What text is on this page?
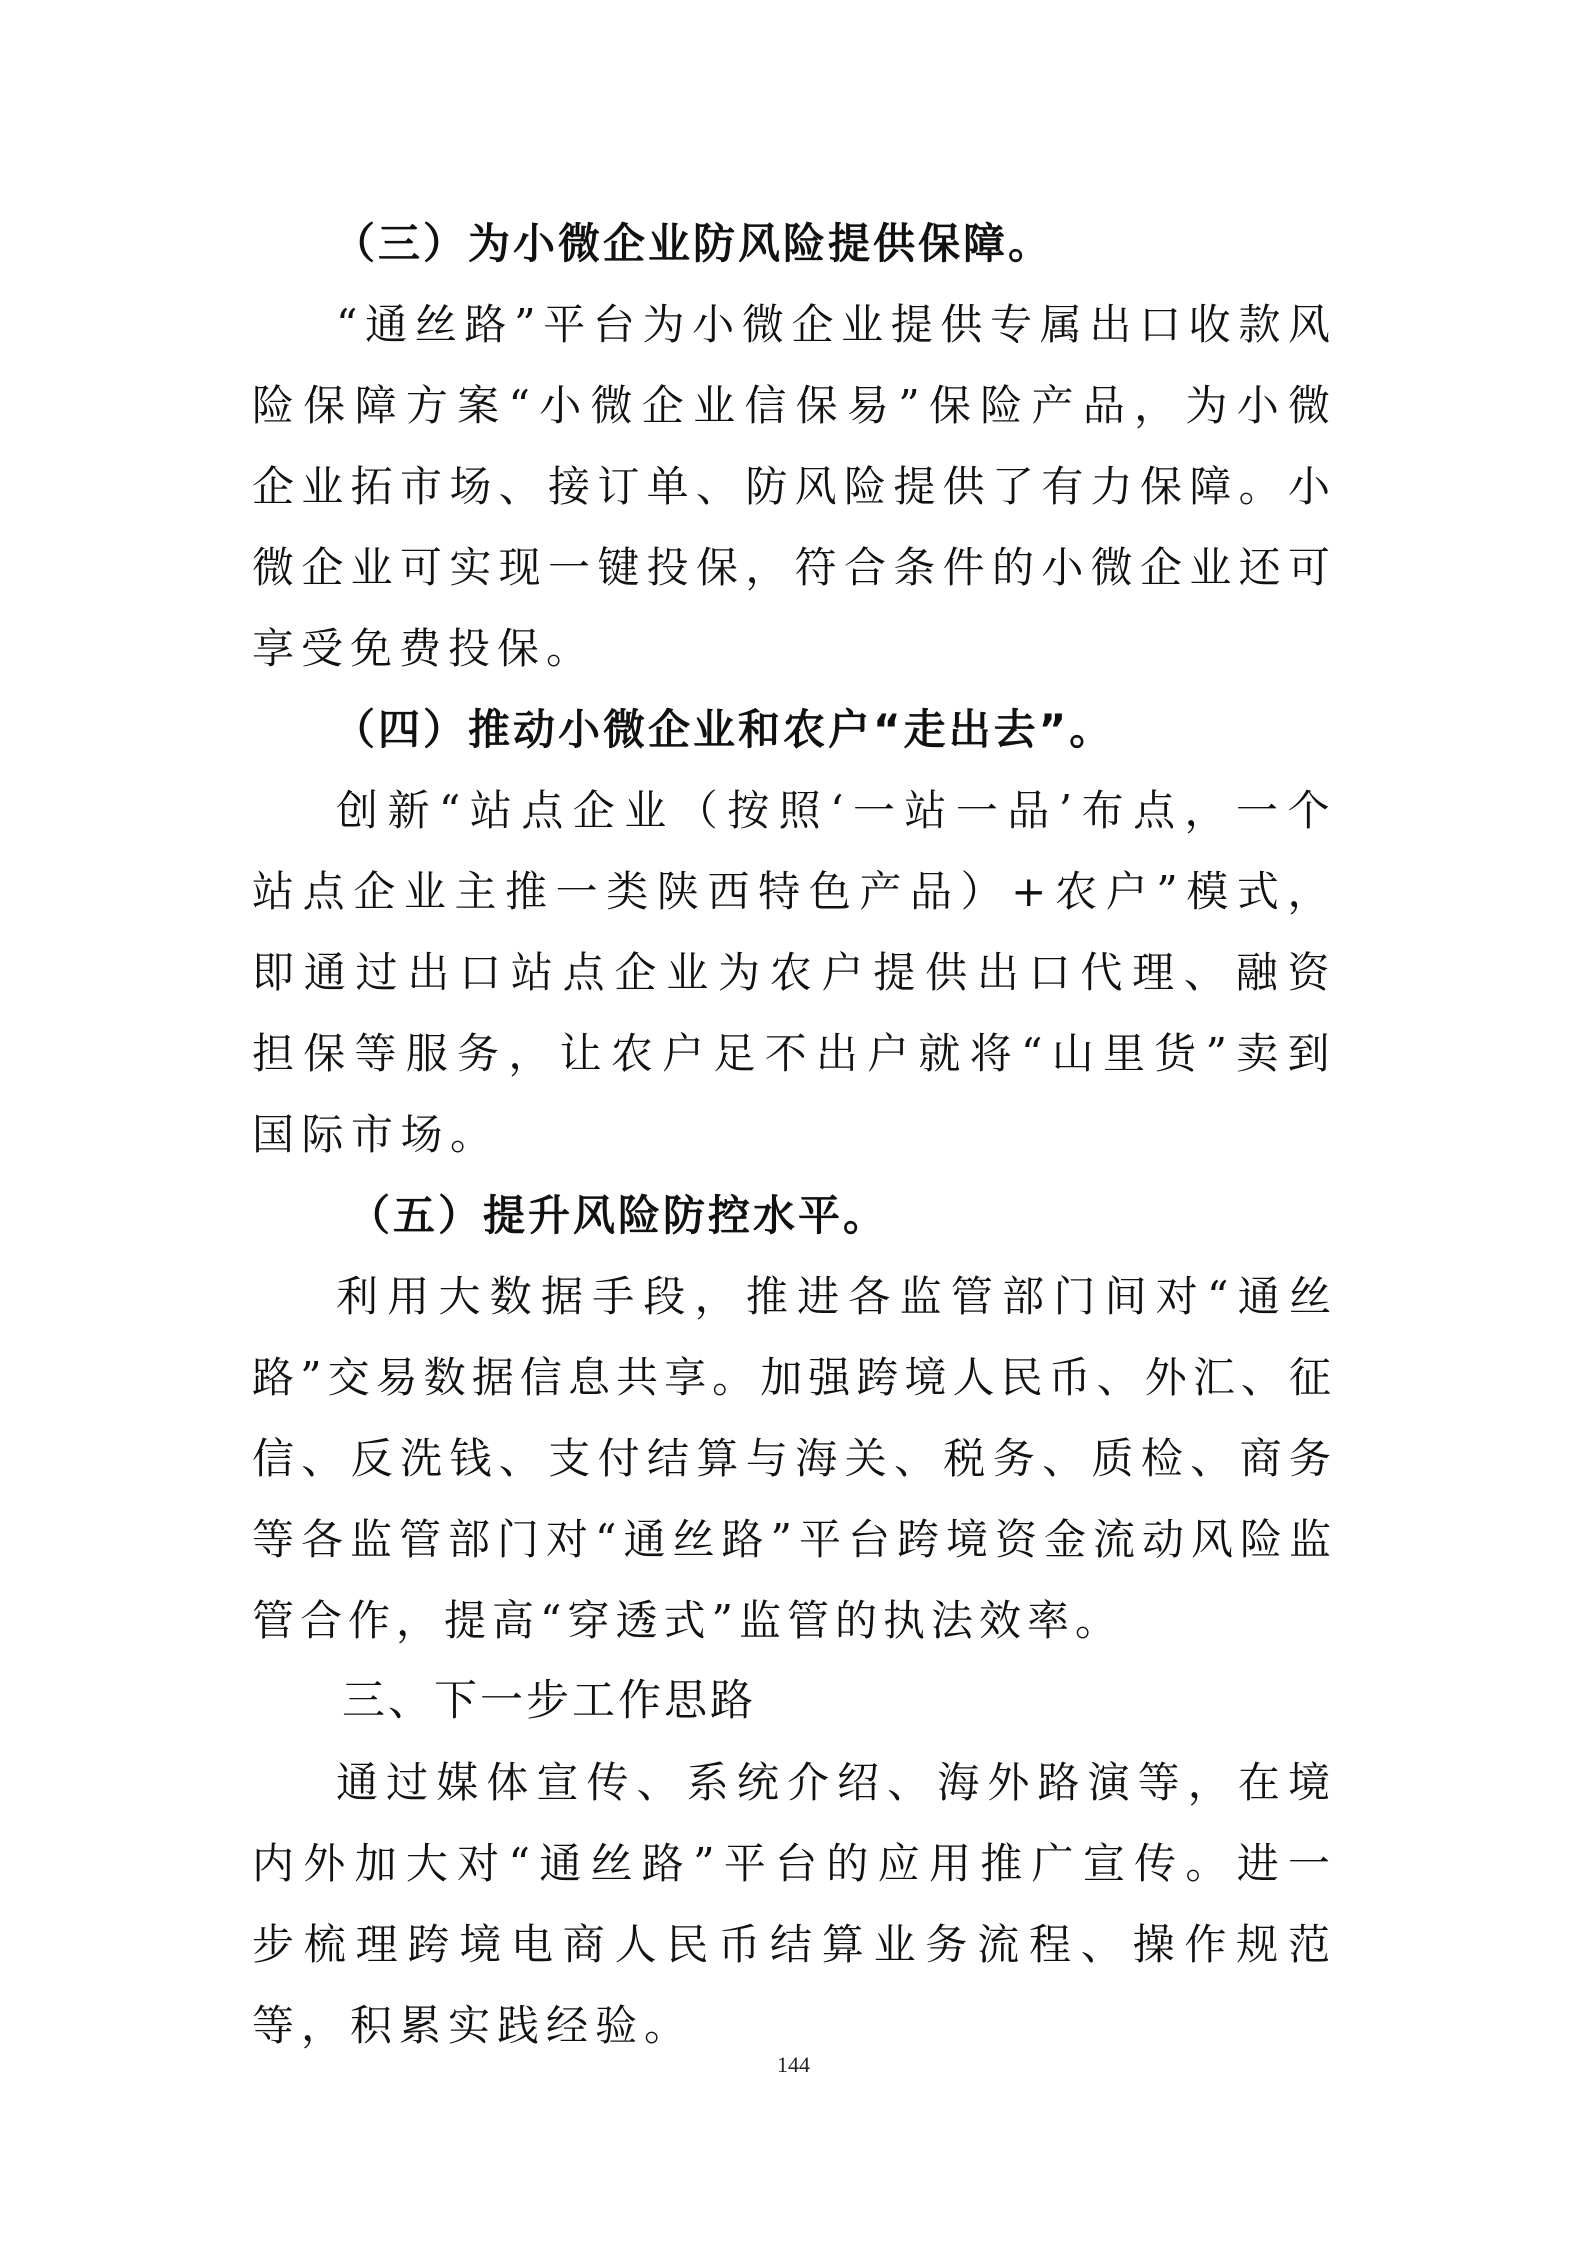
（三）为小微企业防风险提供保障。

“通丝路”平台为小微企业提供专属出口收款风险保障方案“小微企业信保易”保险产品，为小微企业拓市场、接订单、防风险提供了有力保障。小微企业可实现一键投保，符合条件的小微企业还可享受免费投保。

（四）推动小微企业和农户“走出去”。

创新“站点企业（按照‘一站一品’布点，一个站点企业主推一类陕西特色产品）+农户”模式，即通过出口站点企业为农户提供出口代理、融资担保等服务，让农户足不出户就将“山里货”卖到国际市场。

（五）提升风险防控水平。

利用大数据手段，推进各监管部门间对“通丝路”交易数据信息共享。加强跨境人民币、外汇、征信、反洗钱、支付结算与海关、税务、质检、商务等各监管部门对“通丝路”平台跨境资金流动风险监管合作，提高“穿透式”监管的执法效率。

三、下一步工作思路

通过媒体宣传、系统介绍、海外路演等，在境内外加大对“通丝路”平台的应用推广宣传。进一步梳理跨境电商人民币结算业务流程、操作规范等，积累实践经验。

144
